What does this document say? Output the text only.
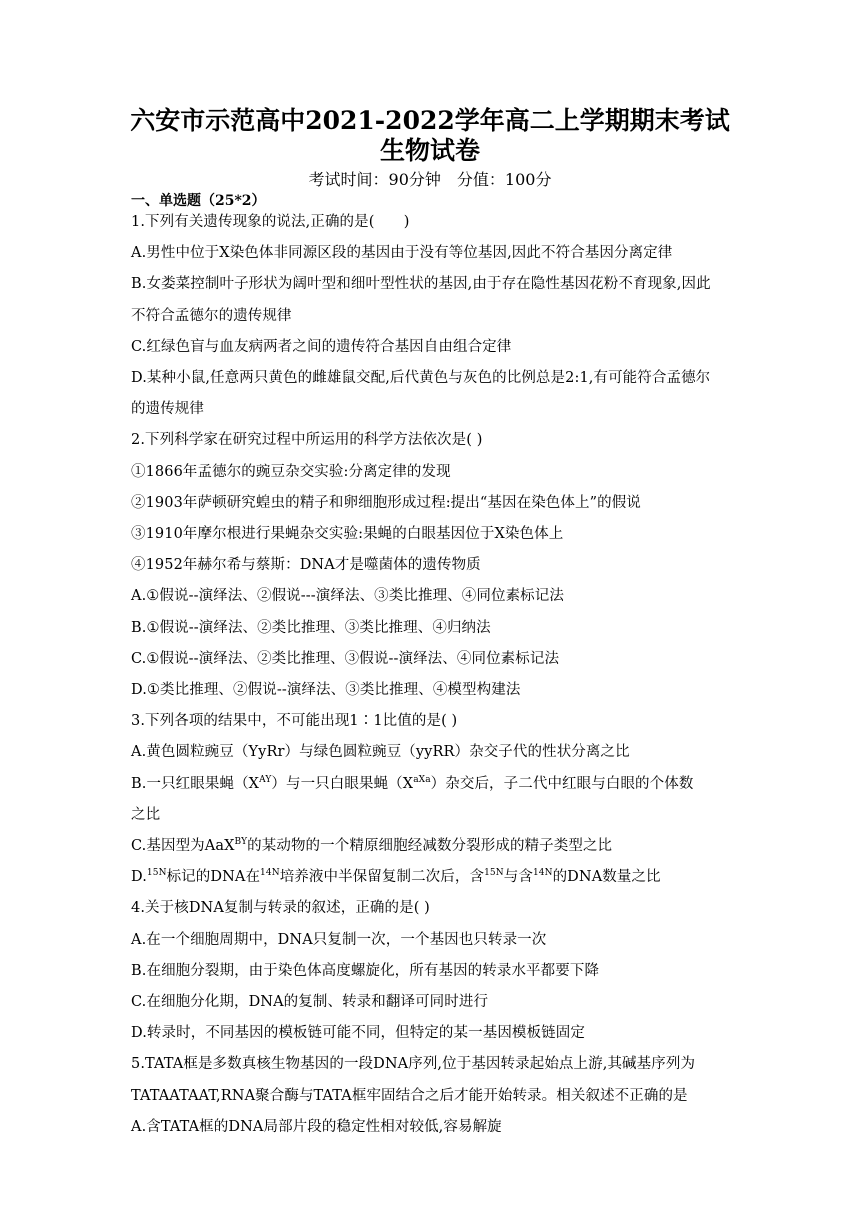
六安市示范高中2021-2022学年高二上学期期末考试
生物试卷
考试时间：90分钟　分值：100分
一、单选题（25*2）
1.下列有关遗传现象的说法,正确的是(　　)
A.男性中位于X染色体非同源区段的基因由于没有等位基因,因此不符合基因分离定律
B.女娄菜控制叶子形状为阔叶型和细叶型性状的基因,由于存在隐性基因花粉不育现象,因此
不符合孟德尔的遗传规律
C.红绿色盲与血友病两者之间的遗传符合基因自由组合定律
D.某种小鼠,任意两只黄色的雌雄鼠交配,后代黄色与灰色的比例总是2:1,有可能符合孟德尔
的遗传规律
2.下列科学家在研究过程中所运用的科学方法依次是( )
①1866年孟德尔的豌豆杂交实验:分离定律的发现
②1903年萨顿研究蝗虫的精子和卵细胞形成过程:提出“基因在染色体上”的假说
③1910年摩尔根进行果蝇杂交实验:果蝇的白眼基因位于X染色体上
④1952年赫尔希与蔡斯：DNA才是噬菌体的遗传物质
A.①假说--演绎法、②假说---演绎法、③类比推理、④同位素标记法
B.①假说--演绎法、②类比推理、③类比推理、④归纳法
C.①假说--演绎法、②类比推理、③假说--演绎法、④同位素标记法
D.①类比推理、②假说--演绎法、③类比推理、④模型构建法
3.下列各项的结果中，不可能出现1∶1比值的是( )
A.黄色圆粒豌豆（YyRr）与绿色圆粒豌豆（yyRR）杂交子代的性状分离之比
B.一只红眼果蝇$(X^{AY})$与一只白眼果蝇$(X^{aXa})$杂交后，子二代中红眼与白眼的个体数
之比
C.基因型为AaX$^{BY}$的某动物的一个精原细胞经减数分裂形成的精子类型之比
D.$^{15N}$标记的DNA在$^{14N}$培养液中半保留复制二次后，含$^{15N}$与含$^{14N}$的DNA数量之比
4.关于核DNA复制与转录的叙述，正确的是( )
A.在一个细胞周期中，DNA只复制一次，一个基因也只转录一次
B.在细胞分裂期，由于染色体高度螺旋化，所有基因的转录水平都要下降
C.在细胞分化期，DNA的复制、转录和翻译可同时进行
D.转录时，不同基因的模板链可能不同，但特定的某一基因模板链固定
5.TATA框是多数真核生物基因的一段DNA序列,位于基因转录起始点上游,其碱基序列为
TATAATAAT,RNA聚合酶与TATA框牢固结合之后才能开始转录。相关叙述不正确的是
A.含TATA框的DNA局部片段的稳定性相对较低,容易解旋
